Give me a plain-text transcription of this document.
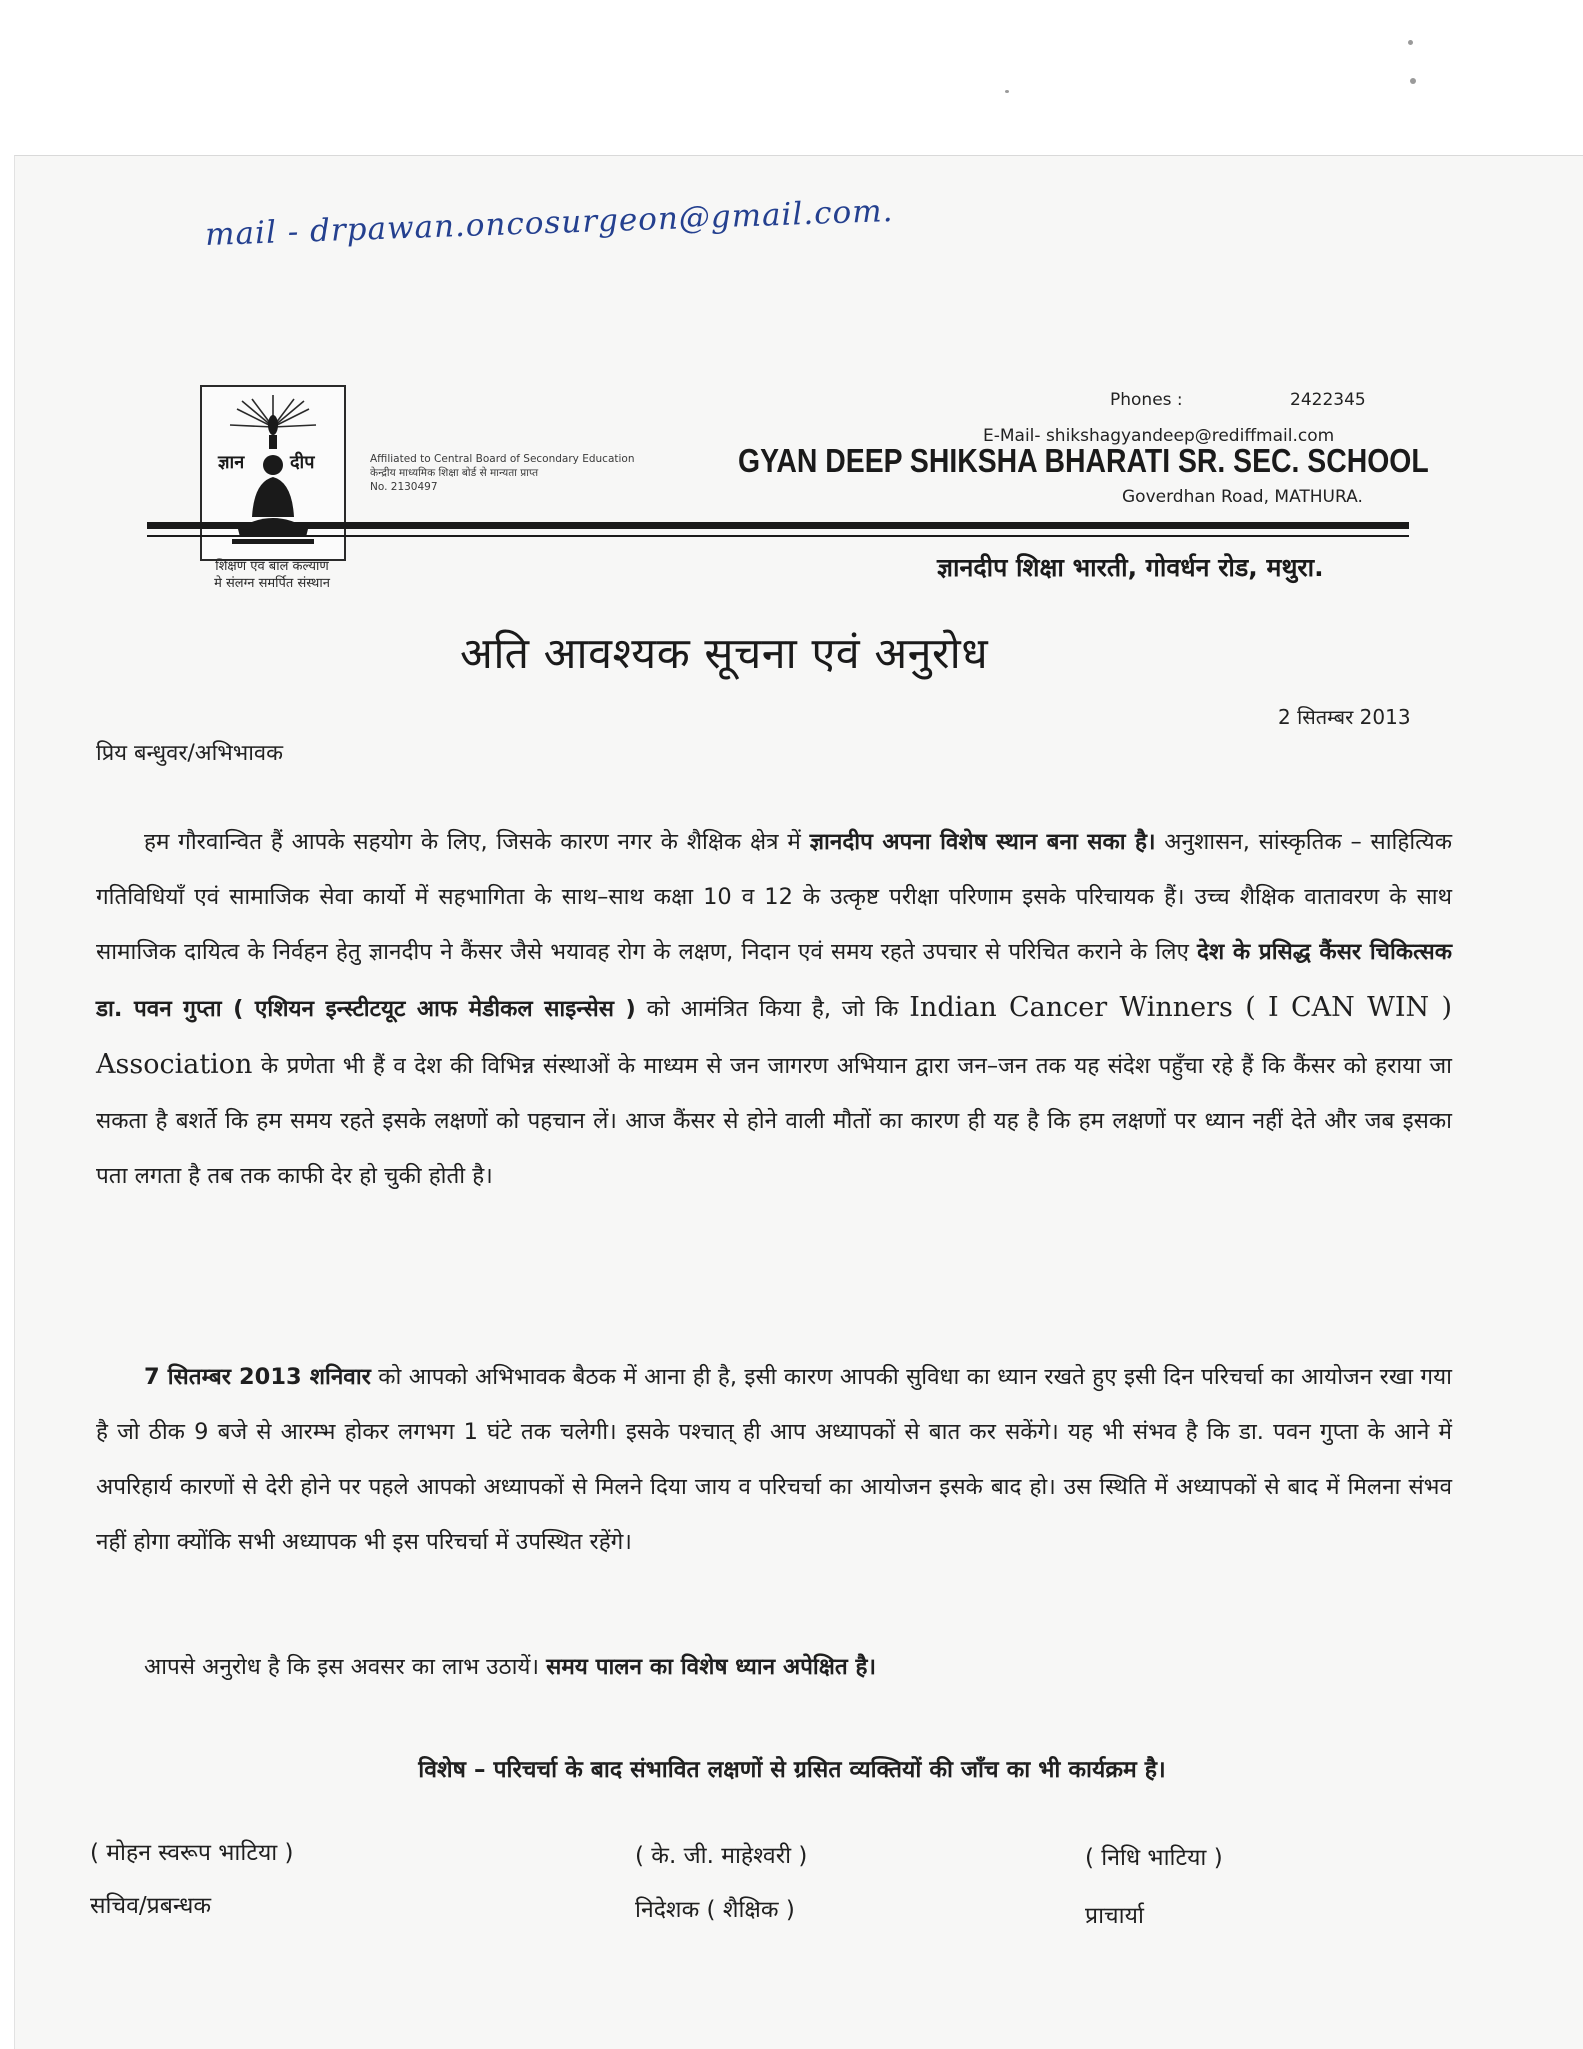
mail - drpawan.oncosurgeon@gmail.com.
ज्ञान	दीप
शिक्षण एवं बाल कल्याण
मे संलग्न समर्पित संस्थान
Affiliated to Central Board of Secondary Education
केन्द्रीय माध्यमिक शिक्षा बोर्ड से मान्यता प्राप्त
No. 2130497
Phones :	2422345
E-Mail- shikshagyandeep@rediffmail.com
GYAN DEEP SHIKSHA BHARATI SR. SEC. SCHOOL
Goverdhan Road, MATHURA.
ज्ञानदीप शिक्षा भारती, गोवर्धन रोड, मथुरा.
अति आवश्यक सूचना एवं अनुरोध
2 सितम्बर 2013
प्रिय बन्धुवर/अभिभावक
हम गौरवान्वित हैं आपके सहयोग के लिए, जिसके कारण नगर के शैक्षिक क्षेत्र में ज्ञानदीप अपना विशेष स्थान बना सका है। अनुशासन, सांस्कृतिक – साहित्यिक गतिविधियाँ एवं सामाजिक सेवा कार्यो में सहभागिता के साथ–साथ कक्षा 10 व 12 के उत्कृष्ट परीक्षा परिणाम इसके परिचायक हैं। उच्च शैक्षिक वातावरण के साथ सामाजिक दायित्व के निर्वहन हेतु ज्ञानदीप ने कैंसर जैसे भयावह रोग के लक्षण, निदान एवं समय रहते उपचार से परिचित कराने के लिए देश के प्रसिद्ध कैंसर चिकित्सक डा. पवन गुप्ता ( एशियन इन्स्टीटयूट आफ मेडीकल साइन्सेस ) को आमंत्रित किया है, जो कि Indian Cancer Winners ( I CAN WIN ) Association के प्रणेता भी हैं व देश की विभिन्न संस्थाओं के माध्यम से जन जागरण अभियान द्वारा जन–जन तक यह संदेश पहुँचा रहे हैं कि कैंसर को हराया जा सकता है बशर्ते कि हम समय रहते इसके लक्षणों को पहचान लें। आज कैंसर से होने वाली मौतों का कारण ही यह है कि हम लक्षणों पर ध्यान नहीं देते और जब इसका पता लगता है तब तक काफी देर हो चुकी होती है।
7 सितम्बर 2013 शनिवार को आपको अभिभावक बैठक में आना ही है, इसी कारण आपकी सुविधा का ध्यान रखते हुए इसी दिन परिचर्चा का आयोजन रखा गया है जो ठीक 9 बजे से आरम्भ होकर लगभग 1 घंटे तक चलेगी। इसके पश्चात् ही आप अध्यापकों से बात कर सकेंगे। यह भी संभव है कि डा. पवन गुप्ता के आने में अपरिहार्य कारणों से देरी होने पर पहले आपको अध्यापकों से मिलने दिया जाय व परिचर्चा का आयोजन इसके बाद हो। उस स्थिति में अध्यापकों से बाद में मिलना संभव नहीं होगा क्योंकि सभी अध्यापक भी इस परिचर्चा में उपस्थित रहेंगे।
आपसे अनुरोध है कि इस अवसर का लाभ उठायें। समय पालन का विशेष ध्यान अपेक्षित है।
विशेष – परिचर्चा के बाद संभावित लक्षणों से ग्रसित व्यक्तियों की जाँच का भी कार्यक्रम है।
( मोहन स्वरूप भाटिया )
सचिव/प्रबन्धक
( के. जी. माहेश्वरी )
निदेशक ( शैक्षिक )
( निधि भाटिया )
प्राचार्या
